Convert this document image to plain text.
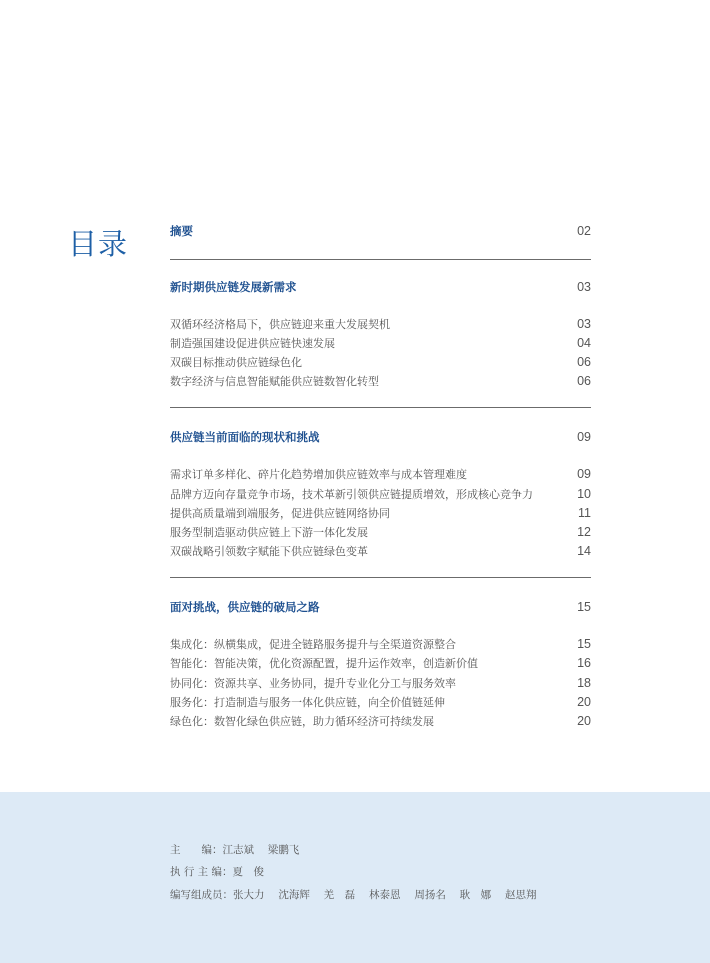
目录	摘要	02
新时期供应链发展新需求	03
双循环经济格局下，供应链迎来重大发展契机	03
制造强国建设促进供应链快速发展	04
双碳目标推动供应链绿色化	06
数字经济与信息智能赋能供应链数智化转型	06
供应链当前面临的现状和挑战	09
需求订单多样化、碎片化趋势增加供应链效率与成本管理难度	09
品牌方迈向存量竞争市场，技术革新引领供应链提质增效，形成核心竞争力	10
提供高质量端到端服务，促进供应链网络协同	11
服务型制造驱动供应链上下游一体化发展	12
双碳战略引领数字赋能下供应链绿色变革	14
面对挑战，供应链的破局之路	15
集成化：纵横集成，促进全链路服务提升与全渠道资源整合	15
智能化：智能决策，优化资源配置，提升运作效率，创造新价值	16
协同化：资源共享、业务协同，提升专业化分工与服务效率	18
服务化：打造制造与服务一体化供应链，向全价值链延伸	20
绿色化：数智化绿色供应链，助力循环经济可持续发展	20
主　　编： 江志斌　 梁鹏飞
执 行 主 编： 夏　俊
编写组成员： 张大力　 沈海辉　 羌　磊　 林泰恩　 周扬名　 耿　娜　 赵思翔
